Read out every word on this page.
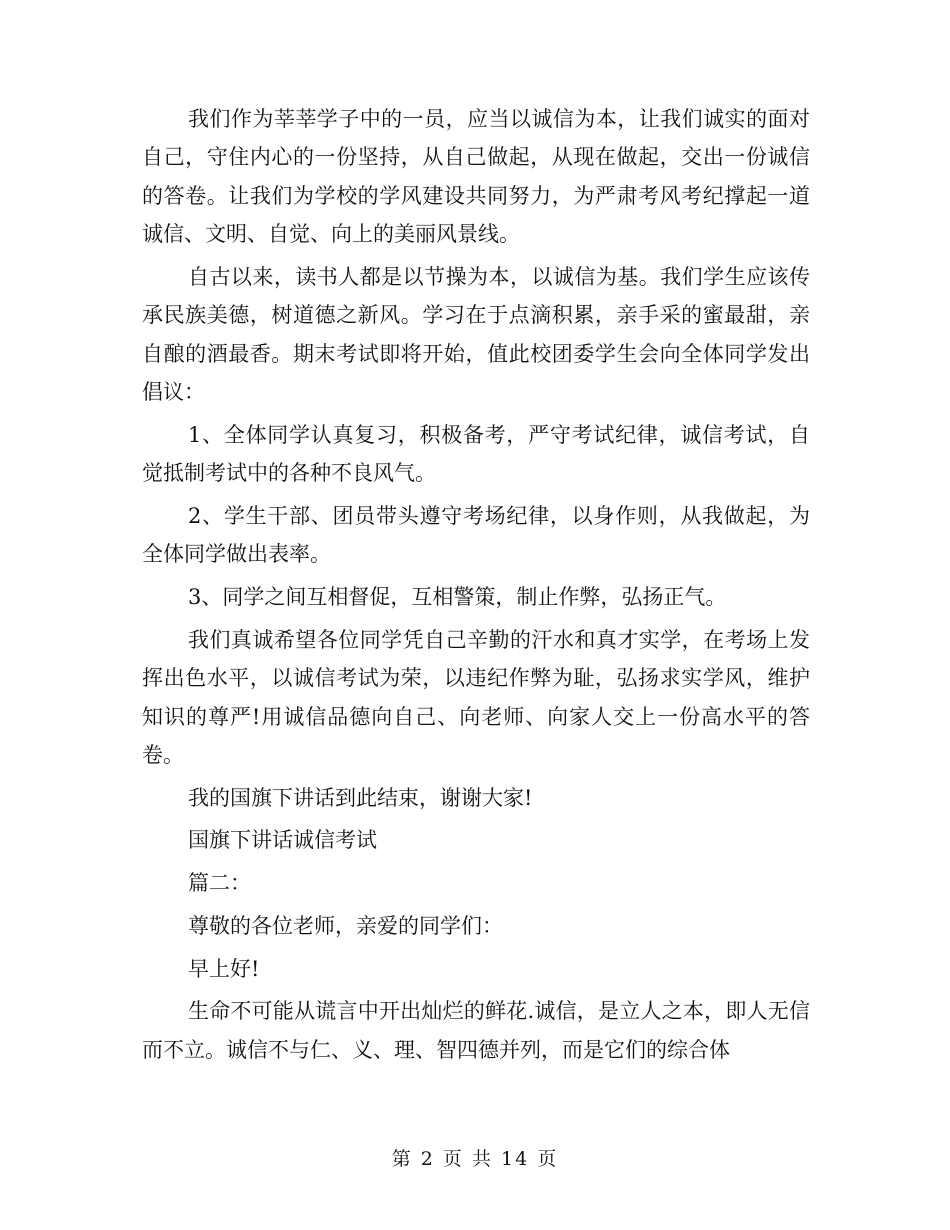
我们作为莘莘学子中的一员，应当以诚信为本，让我们诚实的面对自己，守住内心的一份坚持，从自己做起，从现在做起，交出一份诚信的答卷。让我们为学校的学风建设共同努力，为严肃考风考纪撑起一道诚信、文明、自觉、向上的美丽风景线。

自古以来，读书人都是以节操为本，以诚信为基。我们学生应该传承民族美德，树道德之新风。学习在于点滴积累，亲手采的蜜最甜，亲自酿的酒最香。期末考试即将开始，值此校团委学生会向全体同学发出倡议：

1、全体同学认真复习，积极备考，严守考试纪律，诚信考试，自觉抵制考试中的各种不良风气。

2、学生干部、团员带头遵守考场纪律，以身作则，从我做起，为全体同学做出表率。

3、同学之间互相督促，互相警策，制止作弊，弘扬正气。

我们真诚希望各位同学凭自己辛勤的汗水和真才实学，在考场上发挥出色水平，以诚信考试为荣，以违纪作弊为耻，弘扬求实学风，维护知识的尊严!用诚信品德向自己、向老师、向家人交上一份高水平的答卷。

我的国旗下讲话到此结束，谢谢大家!

国旗下讲话诚信考试

篇二：

尊敬的各位老师，亲爱的同学们：

早上好!

生命不可能从谎言中开出灿烂的鲜花.诚信，是立人之本，即人无信而不立。诚信不与仁、义、理、智四德并列，而是它们的综合体

第 2 页 共 14 页
